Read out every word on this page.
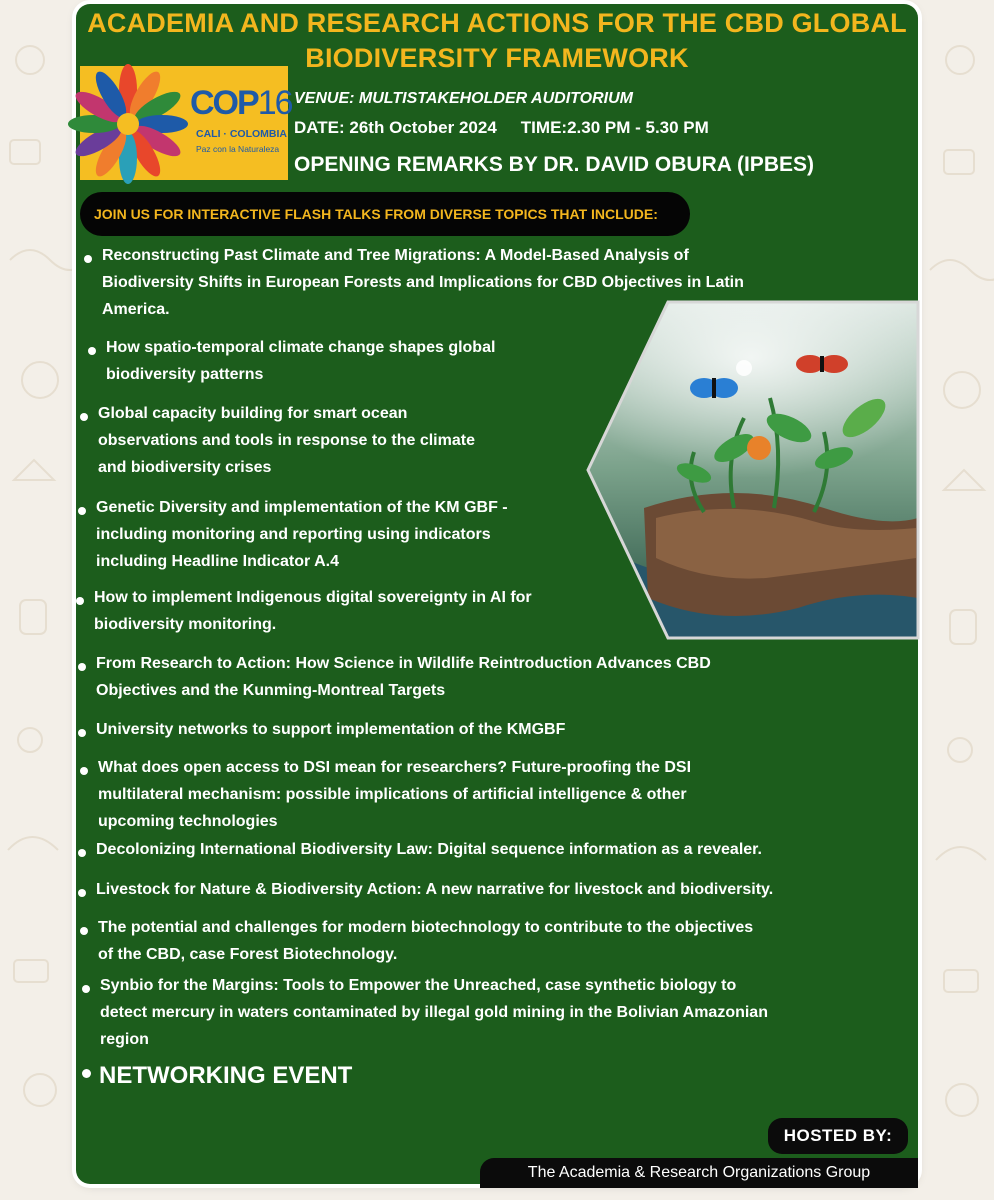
ACADEMIA AND RESEARCH ACTIONS FOR THE CBD GLOBAL
BIODIVERSITY FRAMEWORK
COP16
CALI · COLOMBIA
Paz con la Naturaleza
VENUE: MULTISTAKEHOLDER AUDITORIUM
DATE: 26th October 2024 TIME:2.30 PM - 5.30 PM
OPENING REMARKS BY DR. DAVID OBURA (IPBES)
JOIN US FOR INTERACTIVE FLASH TALKS FROM DIVERSE TOPICS THAT INCLUDE:
Reconstructing Past Climate and Tree Migrations: A Model-Based Analysis of
Biodiversity Shifts in European Forests and Implications for CBD Objectives in Latin
America.
How spatio-temporal climate change shapes global
biodiversity patterns
Global capacity building for smart ocean
observations and tools in response to the climate
and biodiversity crises
Genetic Diversity and implementation of the KM GBF -
including monitoring and reporting using indicators
including Headline Indicator A.4
How to implement Indigenous digital sovereignty in AI for
biodiversity monitoring.
From Research to Action: How Science in Wildlife Reintroduction Advances CBD
Objectives and the Kunming-Montreal Targets
University networks to support implementation of the KMGBF
What does open access to DSI mean for researchers? Future-proofing the DSI
multilateral mechanism: possible implications of artificial intelligence & other
upcoming technologies
Decolonizing International Biodiversity Law: Digital sequence information as a revealer.
Livestock for Nature & Biodiversity Action: A new narrative for livestock and biodiversity.
The potential and challenges for modern biotechnology to contribute to the objectives
of the CBD, case Forest Biotechnology.
Synbio for the Margins: Tools to Empower the Unreached, case synthetic biology to
detect mercury in waters contaminated by illegal gold mining in the Bolivian Amazonian
region
NETWORKING EVENT
HOSTED BY:
The Academia & Research Organizations Group
